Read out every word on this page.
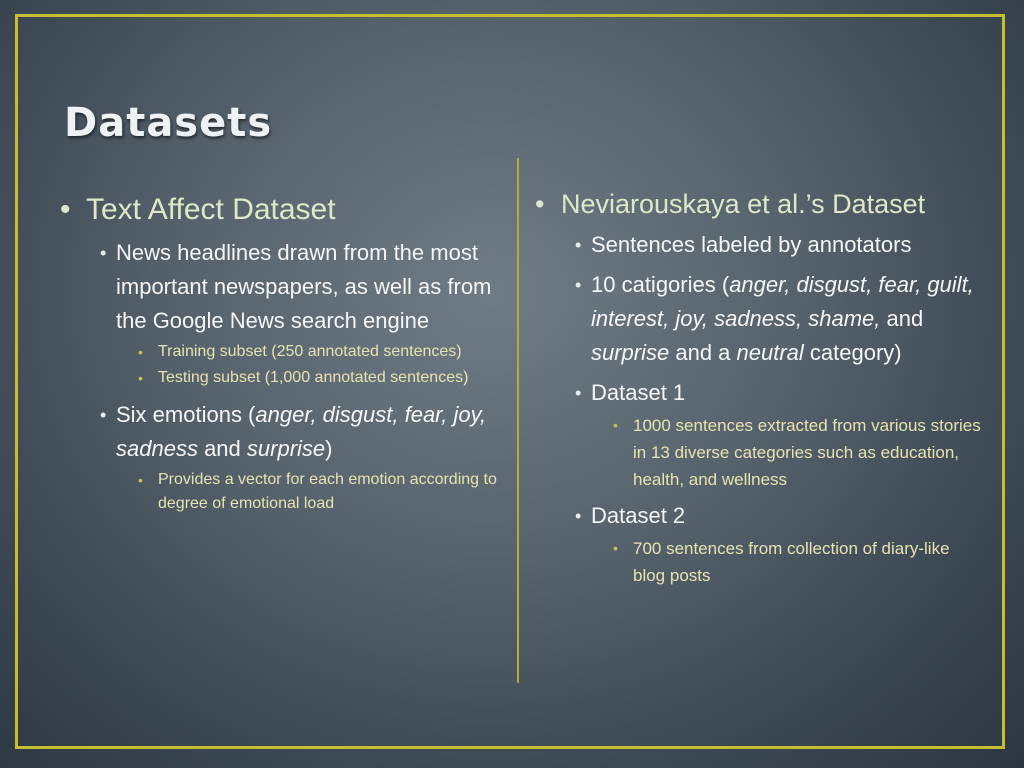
Datasets
• Text Affect Dataset
• News headlines drawn from the most important newspapers, as well as from the Google News search engine
• Training subset (250 annotated sentences)
• Testing subset (1,000 annotated sentences)
• Six emotions (anger, disgust, fear, joy, sadness and surprise)
• Provides a vector for each emotion according to degree of emotional load
• Neviarouskaya et al.’s Dataset
• Sentences labeled by annotators
• 10 catigories (anger, disgust, fear, guilt, interest, joy, sadness, shame, and surprise and a neutral category)
• Dataset 1
• 1000 sentences extracted from various stories in 13 diverse categories such as education, health, and wellness
• Dataset 2
• 700 sentences from collection of diary-like blog posts
